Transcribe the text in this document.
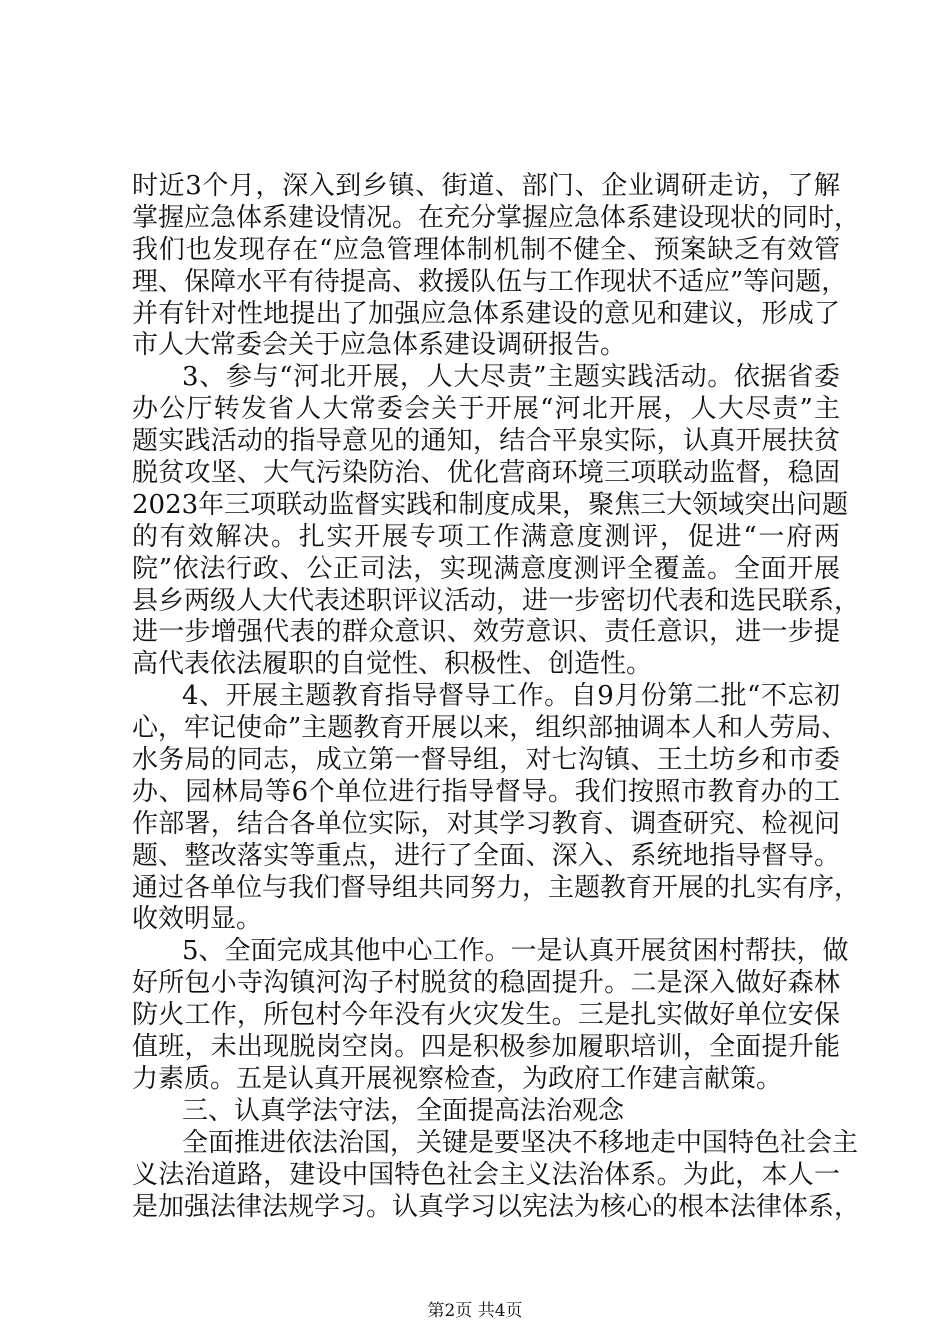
时近3个月，深入到乡镇、街道、部门、企业调研走访，了解
掌握应急体系建设情况。在充分掌握应急体系建设现状的同时，
我们也发现存在“应急管理体制机制不健全、预案缺乏有效管
理、保障水平有待提高、救援队伍与工作现状不适应”等问题，
并有针对性地提出了加强应急体系建设的意见和建议，形成了
市人大常委会关于应急体系建设调研报告。
3、参与“河北开展，人大尽责”主题实践活动。依据省委
办公厅转发省人大常委会关于开展“河北开展，人大尽责”主
题实践活动的指导意见的通知，结合平泉实际，认真开展扶贫
脱贫攻坚、大气污染防治、优化营商环境三项联动监督，稳固
2023年三项联动监督实践和制度成果，聚焦三大领域突出问题
的有效解决。扎实开展专项工作满意度测评，促进“一府两
院”依法行政、公正司法，实现满意度测评全覆盖。全面开展
县乡两级人大代表述职评议活动，进一步密切代表和选民联系，
进一步增强代表的群众意识、效劳意识、责任意识，进一步提
高代表依法履职的自觉性、积极性、创造性。
4、开展主题教育指导督导工作。自9月份第二批“不忘初
心，牢记使命”主题教育开展以来，组织部抽调本人和人劳局、
水务局的同志，成立第一督导组，对七沟镇、王土坊乡和市委
办、园林局等6个单位进行指导督导。我们按照市教育办的工
作部署，结合各单位实际，对其学习教育、调查研究、检视问
题、整改落实等重点，进行了全面、深入、系统地指导督导。
通过各单位与我们督导组共同努力，主题教育开展的扎实有序，
收效明显。
5、全面完成其他中心工作。一是认真开展贫困村帮扶，做
好所包小寺沟镇河沟子村脱贫的稳固提升。二是深入做好森林
防火工作，所包村今年没有火灾发生。三是扎实做好单位安保
值班，未出现脱岗空岗。四是积极参加履职培训，全面提升能
力素质。五是认真开展视察检查，为政府工作建言献策。
三、认真学法守法，全面提高法治观念
全面推进依法治国，关键是要坚决不移地走中国特色社会主
义法治道路，建设中国特色社会主义法治体系。为此，本人一
是加强法律法规学习。认真学习以宪法为核心的根本法律体系，
第2页 共4页
